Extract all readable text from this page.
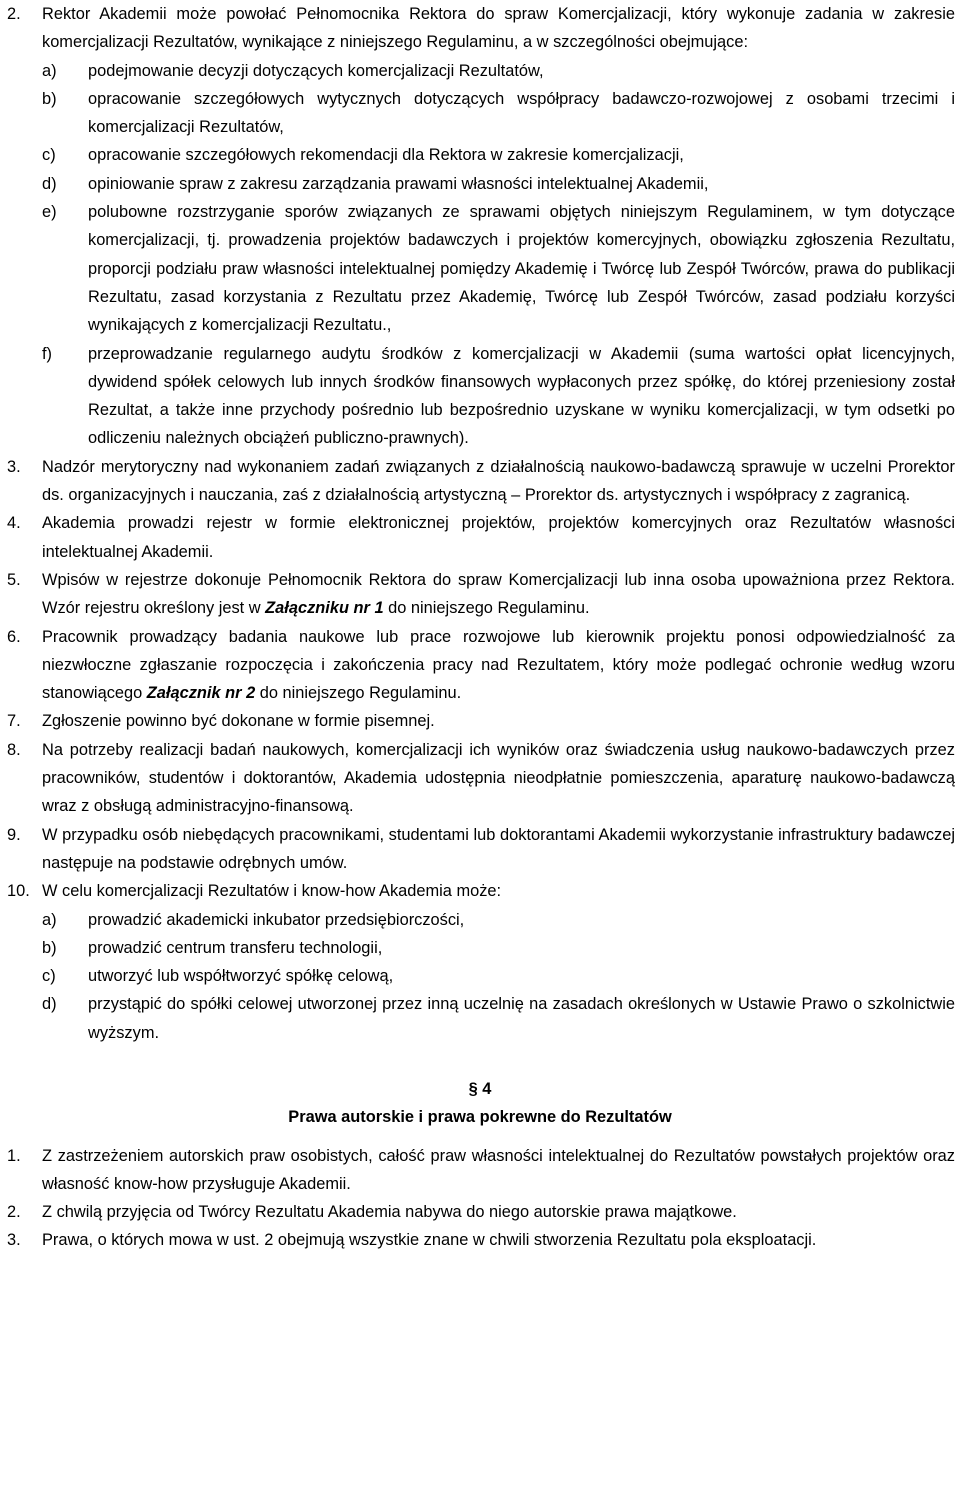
2.	Rektor Akademii może powołać Pełnomocnika Rektora do spraw Komercjalizacji, który wykonuje zadania w zakresie komercjalizacji Rezultatów, wynikające z niniejszego Regulaminu, a w szczególności obejmujące:
a)	podejmowanie decyzji dotyczących komercjalizacji Rezultatów,
b)	opracowanie szczegółowych wytycznych dotyczących współpracy badawczo-rozwojowej z osobami trzecimi i komercjalizacji Rezultatów,
c)	opracowanie szczegółowych rekomendacji dla Rektora w zakresie komercjalizacji,
d)	opiniowanie spraw z zakresu zarządzania prawami własności intelektualnej Akademii,
e)	polubowne rozstrzyganie sporów związanych ze sprawami objętych niniejszym Regulaminem, w tym dotyczące komercjalizacji, tj. prowadzenia projektów badawczych i projektów komercyjnych, obowiązku zgłoszenia Rezultatu, proporcji podziału praw własności intelektualnej pomiędzy Akademię i Twórcę lub Zespół Twórców, prawa do publikacji Rezultatu, zasad korzystania z Rezultatu przez Akademię, Twórcę lub Zespół Twórców, zasad podziału korzyści wynikających z komercjalizacji Rezultatu.,
f)	przeprowadzanie regularnego audytu środków z komercjalizacji w Akademii (suma wartości opłat licencyjnych, dywidend spółek celowych lub innych środków finansowych wypłaconych przez spółkę, do której przeniesiony został Rezultat, a także inne przychody pośrednio lub bezpośrednio uzyskane w wyniku komercjalizacji, w tym odsetki po odliczeniu należnych obciążeń publiczno-prawnych).
3.	Nadzór merytoryczny nad wykonaniem zadań związanych z działalnością naukowo-badawczą sprawuje w uczelni Prorektor ds. organizacyjnych i nauczania, zaś z działalnością artystyczną – Prorektor ds. artystycznych i współpracy z zagranicą.
4.	Akademia prowadzi rejestr w formie elektronicznej projektów, projektów komercyjnych oraz Rezultatów własności intelektualnej Akademii.
5.	Wpisów w rejestrze dokonuje Pełnomocnik Rektora do spraw Komercjalizacji lub inna osoba upoważniona przez Rektora. Wzór rejestru określony jest w Załączniku nr 1 do niniejszego Regulaminu.
6.	Pracownik prowadzący badania naukowe lub prace rozwojowe lub kierownik projektu ponosi odpowiedzialność za niezwłoczne zgłaszanie rozpoczęcia i zakończenia pracy nad Rezultatem, który może podlegać ochronie według wzoru stanowiącego Załącznik nr 2 do niniejszego Regulaminu.
7.	Zgłoszenie powinno być dokonane w formie pisemnej.
8.	Na potrzeby realizacji badań naukowych, komercjalizacji ich wyników oraz świadczenia usług naukowo-badawczych przez pracowników, studentów i doktorantów, Akademia udostępnia nieodpłatnie pomieszczenia, aparaturę naukowo-badawczą wraz z obsługą administracyjno-finansową.
9.	W przypadku osób niebędących pracownikami, studentami lub doktorantami Akademii wykorzystanie infrastruktury badawczej następuje na podstawie odrębnych umów.
10. W celu komercjalizacji Rezultatów i know-how Akademia może:
a)	prowadzić akademicki inkubator przedsiębiorczości,
b)	prowadzić centrum transferu technologii,
c)	utworzyć lub współtworzyć spółkę celową,
d)	przystąpić do spółki celowej utworzonej przez inną uczelnię na zasadach określonych w Ustawie Prawo o szkolnictwie wyższym.
§ 4
Prawa autorskie i prawa pokrewne do Rezultatów
1.	Z zastrzeżeniem autorskich praw osobistych, całość praw własności intelektualnej do Rezultatów powstałych projektów oraz własność know-how przysługuje Akademii.
2.	Z chwilą przyjęcia od Twórcy Rezultatu Akademia nabywa do niego autorskie prawa majątkowe.
3.	Prawa, o których mowa w ust. 2 obejmują wszystkie znane w chwili stworzenia Rezultatu pola eksploatacji.
